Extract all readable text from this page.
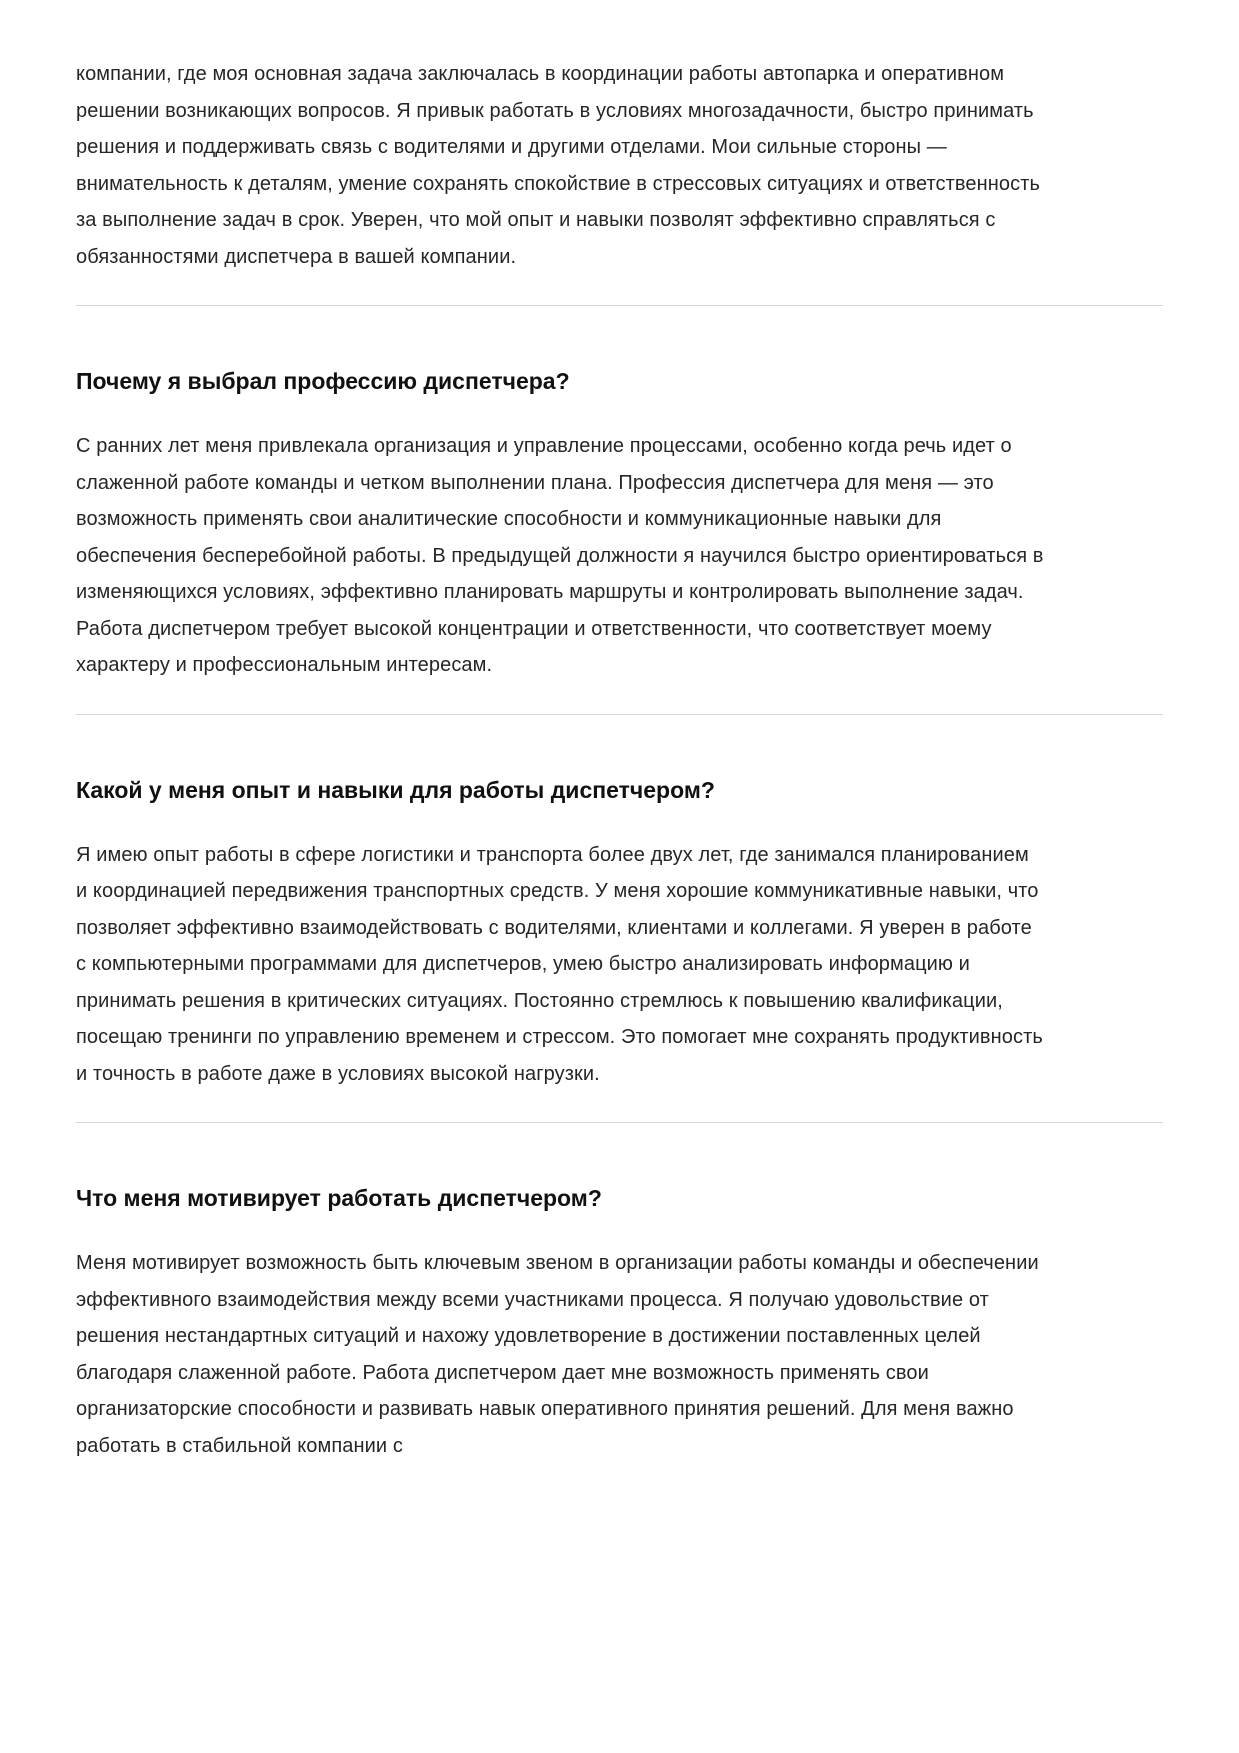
компании, где моя основная задача заключалась в координации работы автопарка и оперативном решении возникающих вопросов. Я привык работать в условиях многозадачности, быстро принимать решения и поддерживать связь с водителями и другими отделами. Мои сильные стороны — внимательность к деталям, умение сохранять спокойствие в стрессовых ситуациях и ответственность за выполнение задач в срок. Уверен, что мой опыт и навыки позволят эффективно справляться с обязанностями диспетчера в вашей компании.

Почему я выбрал профессию диспетчера?

С ранних лет меня привлекала организация и управление процессами, особенно когда речь идет о слаженной работе команды и четком выполнении плана. Профессия диспетчера для меня — это возможность применять свои аналитические способности и коммуникационные навыки для обеспечения бесперебойной работы. В предыдущей должности я научился быстро ориентироваться в изменяющихся условиях, эффективно планировать маршруты и контролировать выполнение задач. Работа диспетчером требует высокой концентрации и ответственности, что соответствует моему характеру и профессиональным интересам.

Какой у меня опыт и навыки для работы диспетчером?

Я имею опыт работы в сфере логистики и транспорта более двух лет, где занимался планированием и координацией передвижения транспортных средств. У меня хорошие коммуникативные навыки, что позволяет эффективно взаимодействовать с водителями, клиентами и коллегами. Я уверен в работе с компьютерными программами для диспетчеров, умею быстро анализировать информацию и принимать решения в критических ситуациях. Постоянно стремлюсь к повышению квалификации, посещаю тренинги по управлению временем и стрессом. Это помогает мне сохранять продуктивность и точность в работе даже в условиях высокой нагрузки.

Что меня мотивирует работать диспетчером?

Меня мотивирует возможность быть ключевым звеном в организации работы команды и обеспечении эффективного взаимодействия между всеми участниками процесса. Я получаю удовольствие от решения нестандартных ситуаций и нахожу удовлетворение в достижении поставленных целей благодаря слаженной работе. Работа диспетчером дает мне возможность применять свои организаторские способности и развивать навык оперативного принятия решений. Для меня важно работать в стабильной компании с
